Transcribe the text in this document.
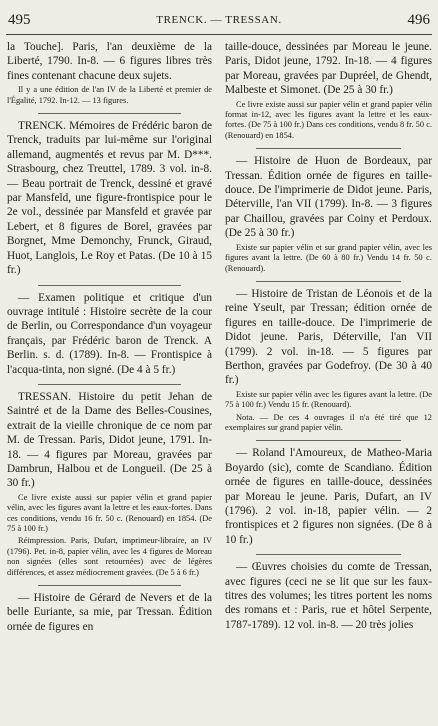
495	TRENCK. — TRESSAN.	496

la Touche]. Paris, l'an deuxième de la Liberté, 1790. In-8. — 6 figures libres très fines contenant chacune deux sujets.

Il y a une édition de l'an IV de la Liberté et premier de l'Égalité, 1792. In-12. — 13 figures.

TRENCK. Mémoires de Frédéric baron de Trenck, traduits par lui-même sur l'original allemand, augmentés et revus par M. D***. Strasbourg, chez Treuttel, 1789. 3 vol. in-8. — Beau portrait de Trenck, dessiné et gravé par Mansfeld, une figure-frontispice pour le 2e vol., dessinée par Mansfeld et gravée par Lebert, et 8 figures de Borel, gravées par Borgnet, Mme Demonchy, Frunck, Giraud, Huot, Langlois, Le Roy et Patas. (De 10 à 15 fr.)

— Examen politique et critique d'un ouvrage intitulé : Histoire secrète de la cour de Berlin, ou Correspondance d'un voyageur français, par Frédéric baron de Trenck. A Berlin. s. d. (1789). In-8. — Frontispice à l'acqua-tinta, non signé. (De 4 à 5 fr.)

TRESSAN. Histoire du petit Jehan de Saintré et de la Dame des Belles-Cousines, extrait de la vieille chronique de ce nom par M. de Tressan. Paris, Didot jeune, 1791. In-18. — 4 figures par Moreau, gravées par Dambrun, Halbou et de Longueil. (De 25 à 30 fr.)

Ce livre existe aussi sur papier vélin et grand papier vélin, avec les figures avant la lettre et les eaux-fortes. Dans ces conditions, vendu 16 fr. 50 c. (Renouard) en 1854. (De 75 à 100 fr.)

Réimpression. Paris, Dufart, imprimeur-libraire, an IV (1796). Pet. in-8, papier vélin, avec les 4 figures de Moreau non signées (elles sont retournées) avec de légères différences, et assez médiocrement gravées. (De 5 à 6 fr.)

— Histoire de Gérard de Nevers et de la belle Euriante, sa mie, par Tressan. Édition ornée de figures en

taille-douce, dessinées par Moreau le jeune. Paris, Didot jeune, 1792. In-18. — 4 figures par Moreau, gravées par Dupréel, de Ghendt, Malbeste et Simonet. (De 25 à 30 fr.)

Ce livre existe aussi sur papier vélin et grand papier vélin format in-12, avec les figures avant la lettre et les eaux-fortes. (De 75 à 100 fr.) Dans ces conditions, vendu 8 fr. 50 c. (Renouard) en 1854.

— Histoire de Huon de Bordeaux, par Tressan. Édition ornée de figures en taille-douce. De l'imprimerie de Didot jeune. Paris, Déterville, l'an VII (1799). In-8. — 3 figures par Chaillou, gravées par Coiny et Perdoux. (De 25 à 30 fr.)

Existe sur papier vélin et sur grand papier vélin, avec les figures avant la lettre. (De 60 à 80 fr.) Vendu 14 fr. 50 c. (Renouard).

— Histoire de Tristan de Léonois et de la reine Yseult, par Tressan; édition ornée de figures en taille-douce. De l'imprimerie de Didot jeune. Paris, Déterville, l'an VII (1799). 2 vol. in-18. — 5 figures par Berthon, gravées par Godefroy. (De 30 à 40 fr.)

Existe sur papier vélin avec les figures avant la lettre. (De 75 à 100 fr.) Vendu 15 fr. (Renouard).

Nota. — De ces 4 ouvrages il n'a été tiré que 12 exemplaires sur grand papier vélin.

— Roland l'Amoureux, de Matheo-Maria Boyardo (sic), comte de Scandiano. Édition ornée de figures en taille-douce, dessinées par Moreau le jeune. Paris, Dufart, an IV (1796). 2 vol. in-18, papier vélin. — 2 frontispices et 2 figures non signées. (De 8 à 10 fr.)

— Œuvres choisies du comte de Tressan, avec figures (ceci ne se lit que sur les faux-titres des volumes; les titres portent les noms des romans et : Paris, rue et hôtel Serpente, 1787-1789). 12 vol. in-8. — 20 très jolies
